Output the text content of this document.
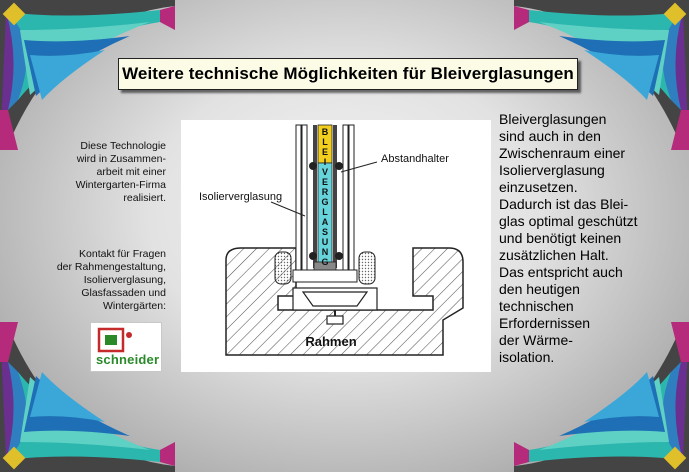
Weitere technische Möglichkeiten für Bleiverglasungen
Diese Technologie
wird in Zusammen-
arbeit mit einer
Wintergarten-Firma
realisiert.
Kontakt für Fragen
der Rahmengestaltung,
Isolierverglasung,
Glasfassaden und
Wintergärten:
schneider
B
L
E
I
V
E
R
G
L
A
S
U
N
G
Abstandhalter
Isolierverglasung
Rahmen
Bleiverglasungen
sind auch in den
Zwischenraum einer
Isolierverglasung
einzusetzen.
Dadurch ist das Blei-
glas optimal geschützt
und benötigt keinen
zusätzlichen Halt.
Das entspricht auch
den heutigen
technischen
Erfordernissen
der Wärme-
isolation.
